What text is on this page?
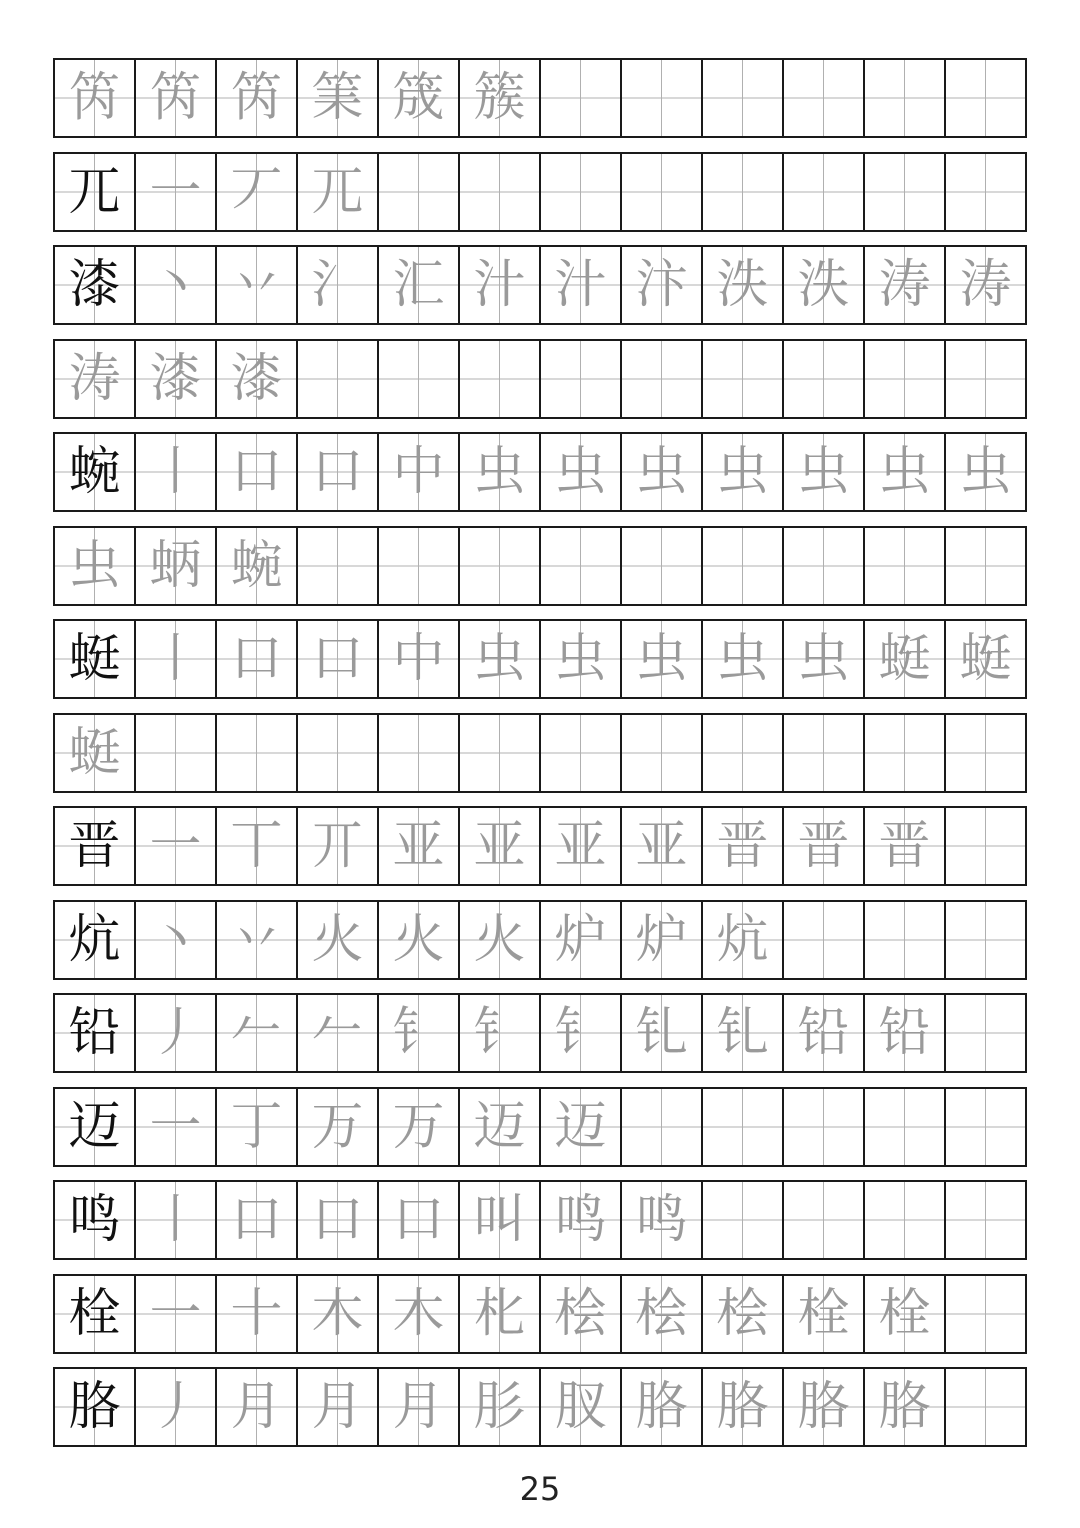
笍 笍 笍 筙 筬 簇
兀 一 丆 兀
漆 丶 丷 氵 汇 汁 汁 汴 泆 泆 涛 涛
涛 漆 漆
蜿 丨 口 口 中 虫 虫 虫 虫 虫 虫 虫
虫 蛃 蜿
蜓 丨 口 口 中 虫 虫 虫 虫 虫 蜓 蜓
蜓
晋 一 丅 丌 亚 亚 亚 亚 晋 晋 晋
炕 丶 丷 火 火 火 炉 炉 炕
铅 丿 𠂉 𠂉 钅 钅 钅 钆 钆 铅 铅
迈 一 丁 万 万 迈 迈
鸣 丨 口 口 口 叫 鸣 鸣
栓 一 十 木 木 朼 桧 桧 桧 栓 栓
胳 丿 月 月 月 肜 肞 胳 胳 胳 胳
25
